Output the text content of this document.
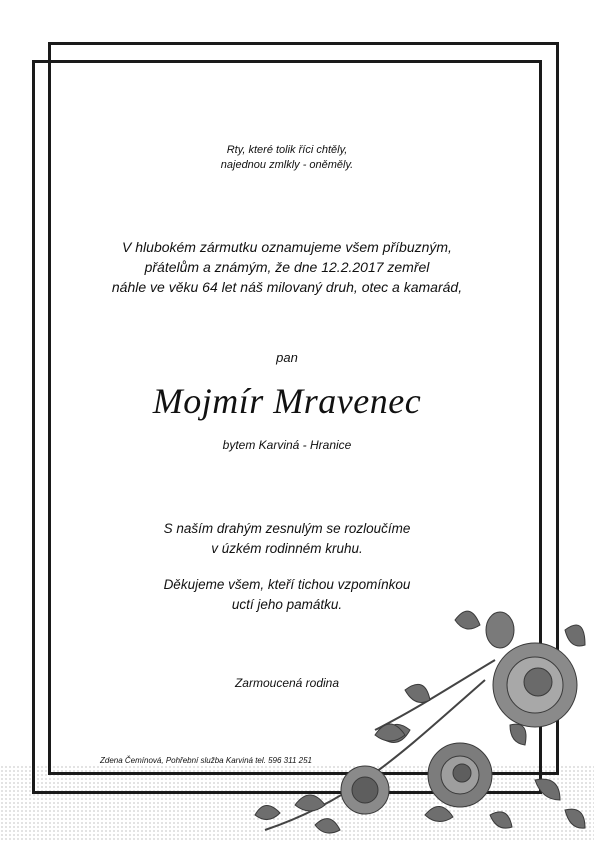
Rty, které tolik říci chtěly,
najednou zmlkly - oněměly.
V hlubokém zármutku oznamujeme všem příbuzným,
přátelům a známým, že dne 12.2.2017 zemřel
náhle ve věku 64 let náš milovaný druh, otec a kamarád,
pan
Mojmír Mravenec
bytem Karviná - Hranice
S naším drahým zesnulým se rozloučíme
v úzkém rodinném kruhu.
Děkujeme všem, kteří tichou vzpomínkou
uctí jeho památku.
Zarmoucená rodina
Zdena Čemínová, Pohřební služba Karviná tel. 596 311 251
